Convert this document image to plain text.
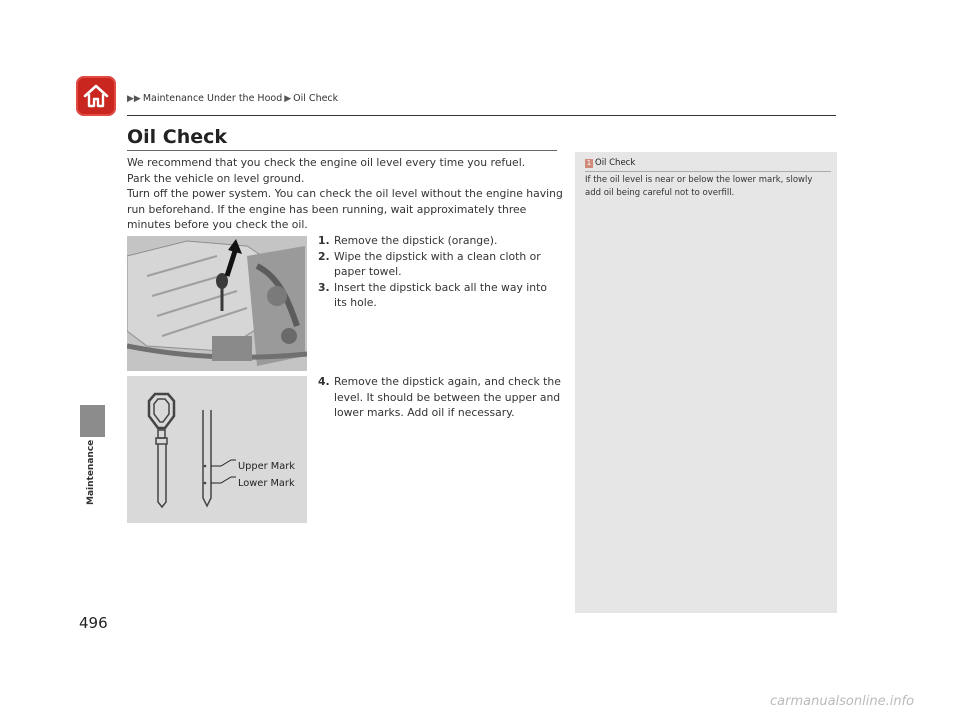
▶▶ Maintenance Under the Hood ▶ Oil Check
Maintenance
Oil Check

We recommend that you check the engine oil level every time you refuel.

Park the vehicle on level ground.

Turn off the power system. You can check the oil level without the engine having run beforehand. If the engine has been running, wait approximately three minutes before you check the oil.

1. Remove the dipstick (orange).
2. Wipe the dipstick with a clean cloth or paper towel.
3. Insert the dipstick back all the way into its hole.
Upper Mark
Lower Mark
4. Remove the dipstick again, and check the level. It should be between the upper and lower marks. Add oil if necessary.
1 Oil Check
If the oil level is near or below the lower mark, slowly add oil being careful not to overfill.
496
carmanualsonline.info
